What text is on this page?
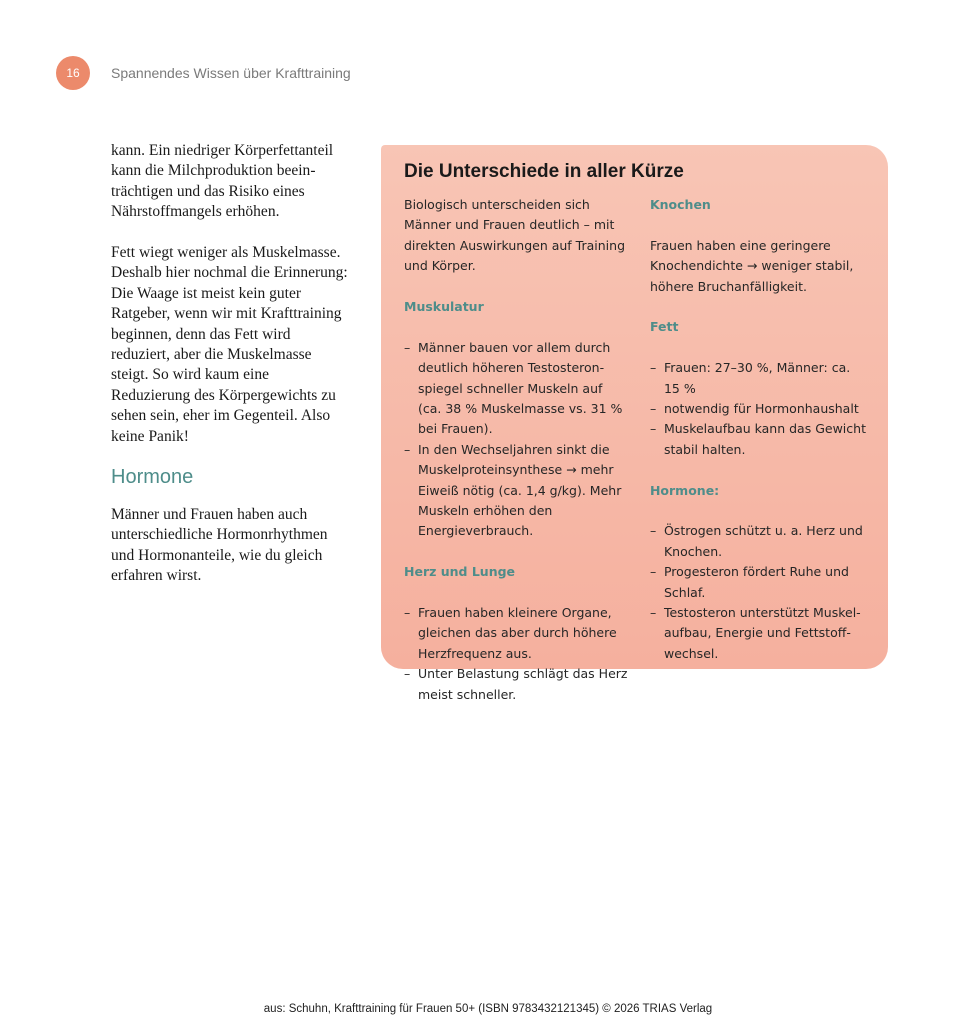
16 Spannendes Wissen über Krafttraining

kann. Ein niedriger Körperfettanteil kann die Milchproduktion beeinträchtigen und das Risiko eines Nährstoffmangels erhöhen.

Fett wiegt weniger als Muskelmasse. Deshalb hier nochmal die Erinnerung: Die Waage ist meist kein guter Ratgeber, wenn wir mit Krafttraining beginnen, denn das Fett wird reduziert, aber die Muskelmasse steigt. So wird kaum eine Reduzierung des Körpergewichts zu sehen sein, eher im Gegenteil. Also keine Panik!

Hormone

Männer und Frauen haben auch unterschiedliche Hormonrhythmen und Hormonanteile, wie du gleich erfahren wirst.

Die Unterschiede in aller Kürze

Biologisch unterscheiden sich Männer und Frauen deutlich – mit direkten Auswirkungen auf Training und Körper.

Muskulatur

– Männer bauen vor allem durch deutlich höheren Testosteronspiegel schneller Muskeln auf (ca. 38 % Muskelmasse vs. 31 % bei Frauen).
– In den Wechseljahren sinkt die Muskelproteinsynthese → mehr Eiweiß nötig (ca. 1,4 g/kg). Mehr Muskeln erhöhen den Energieverbrauch.

Herz und Lunge

– Frauen haben kleinere Organe, gleichen das aber durch höhere Herzfrequenz aus.
– Unter Belastung schlägt das Herz meist schneller.

Knochen

Frauen haben eine geringere Knochendichte → weniger stabil, höhere Bruchanfälligkeit.

Fett

– Frauen: 27–30 %, Männer: ca. 15 %
– notwendig für Hormonhaushalt
– Muskelaufbau kann das Gewicht stabil halten.

Hormone:

– Östrogen schützt u. a. Herz und Knochen.
– Progesteron fördert Ruhe und Schlaf.
– Testosteron unterstützt Muskelaufbau, Energie und Fettstoffwechsel.
aus: Schuhn, Krafttraining für Frauen 50+ (ISBN 9783432121345) © 2026 TRIAS Verlag
